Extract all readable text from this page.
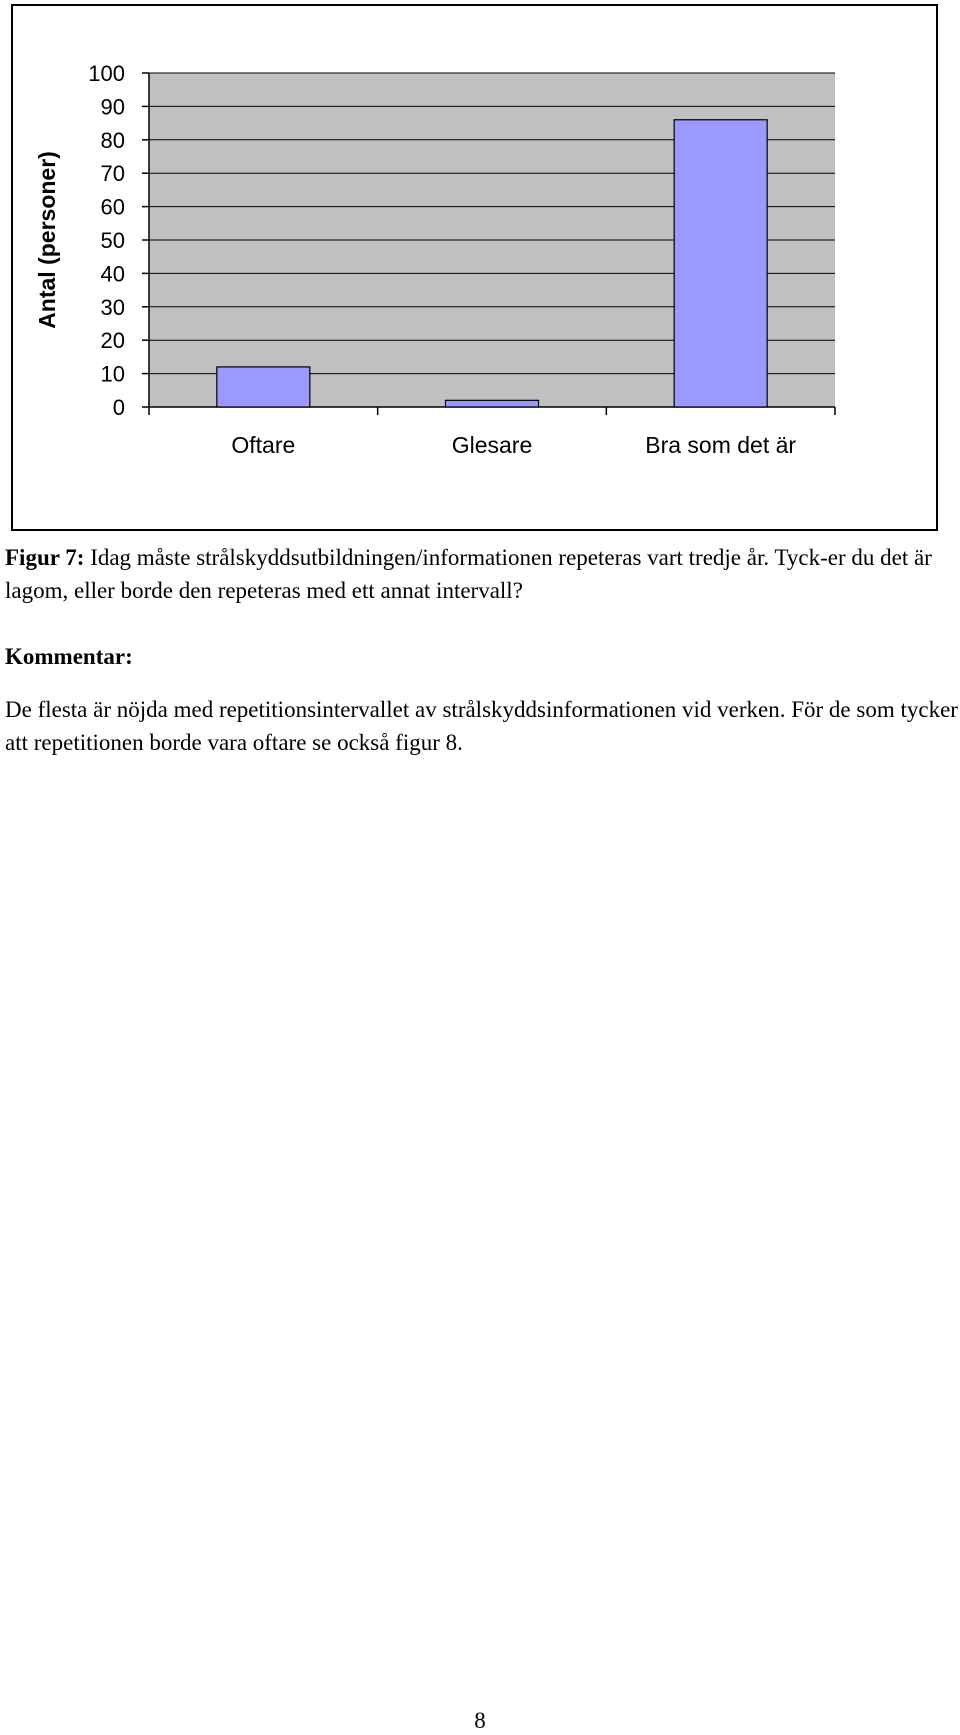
0
10
20
30
40
50
60
70
80
90
100
Oftare	Glesare	Bra som det är
Antal (personer)
Figur 7: Idag måste strålskyddsutbildningen/informationen repeteras vart tredje år. Tyck-er du det är lagom, eller borde den repeteras med ett annat intervall?
Kommentar:
De flesta är nöjda med repetitionsintervallet av strålskyddsinformationen vid verken. För de som tycker att repetitionen borde vara oftare se också figur 8.
8
